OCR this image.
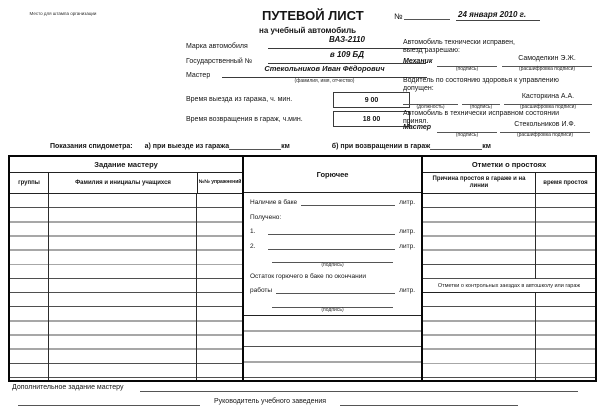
Место для штампа организации	ПУТЕВОЙ ЛИСТ	№	24 января 2010 г.
на учебный автомобиль
Марка автомобиля
ВАЗ-2110
Государственный №
в 109 БД
Мастер
Стекольников Иван Фёдорович
(фамилия, имя, отчество)
Время выезда из гаража, ч. мин.	9 00
Время возвращения в гараж, ч.мин.	18 00
Автомобиль технически исправен,
выезд разрешаю:
Механик
(подпись)
Самоделкин Э.Ж.
(расшифровка подписи)
Водитель по состоянию здоровья к управлению
допущен:
(должность)	(подпись)
Касторкина А.А.
(расшифровка подписи)
Автомобиль в технически исправном состоянии
принял.
Мастер
(подпись)
Стекольников И.Ф.
(расшифровка подписи)
Показания спидометра: а) при выезде из гаража	км	б) при возвращении в гараж	км
Задание мастеру
группы	Фамилия и инициалы учащихся	№№ упражнений
Горючее
Наличие в баке	литр.
Получено:
1.	литр.
2.	литр.
(подпись)
Остаток горючего в баке по окончании
работы	литр.
(подпись)
Отметки о простоях
Причина простоя в гараже и на линии
время простоя
Отметки о контрольных заездах в автошколу или гараж
Дополнительное задание мастеру
Руководитель учебного заведения
